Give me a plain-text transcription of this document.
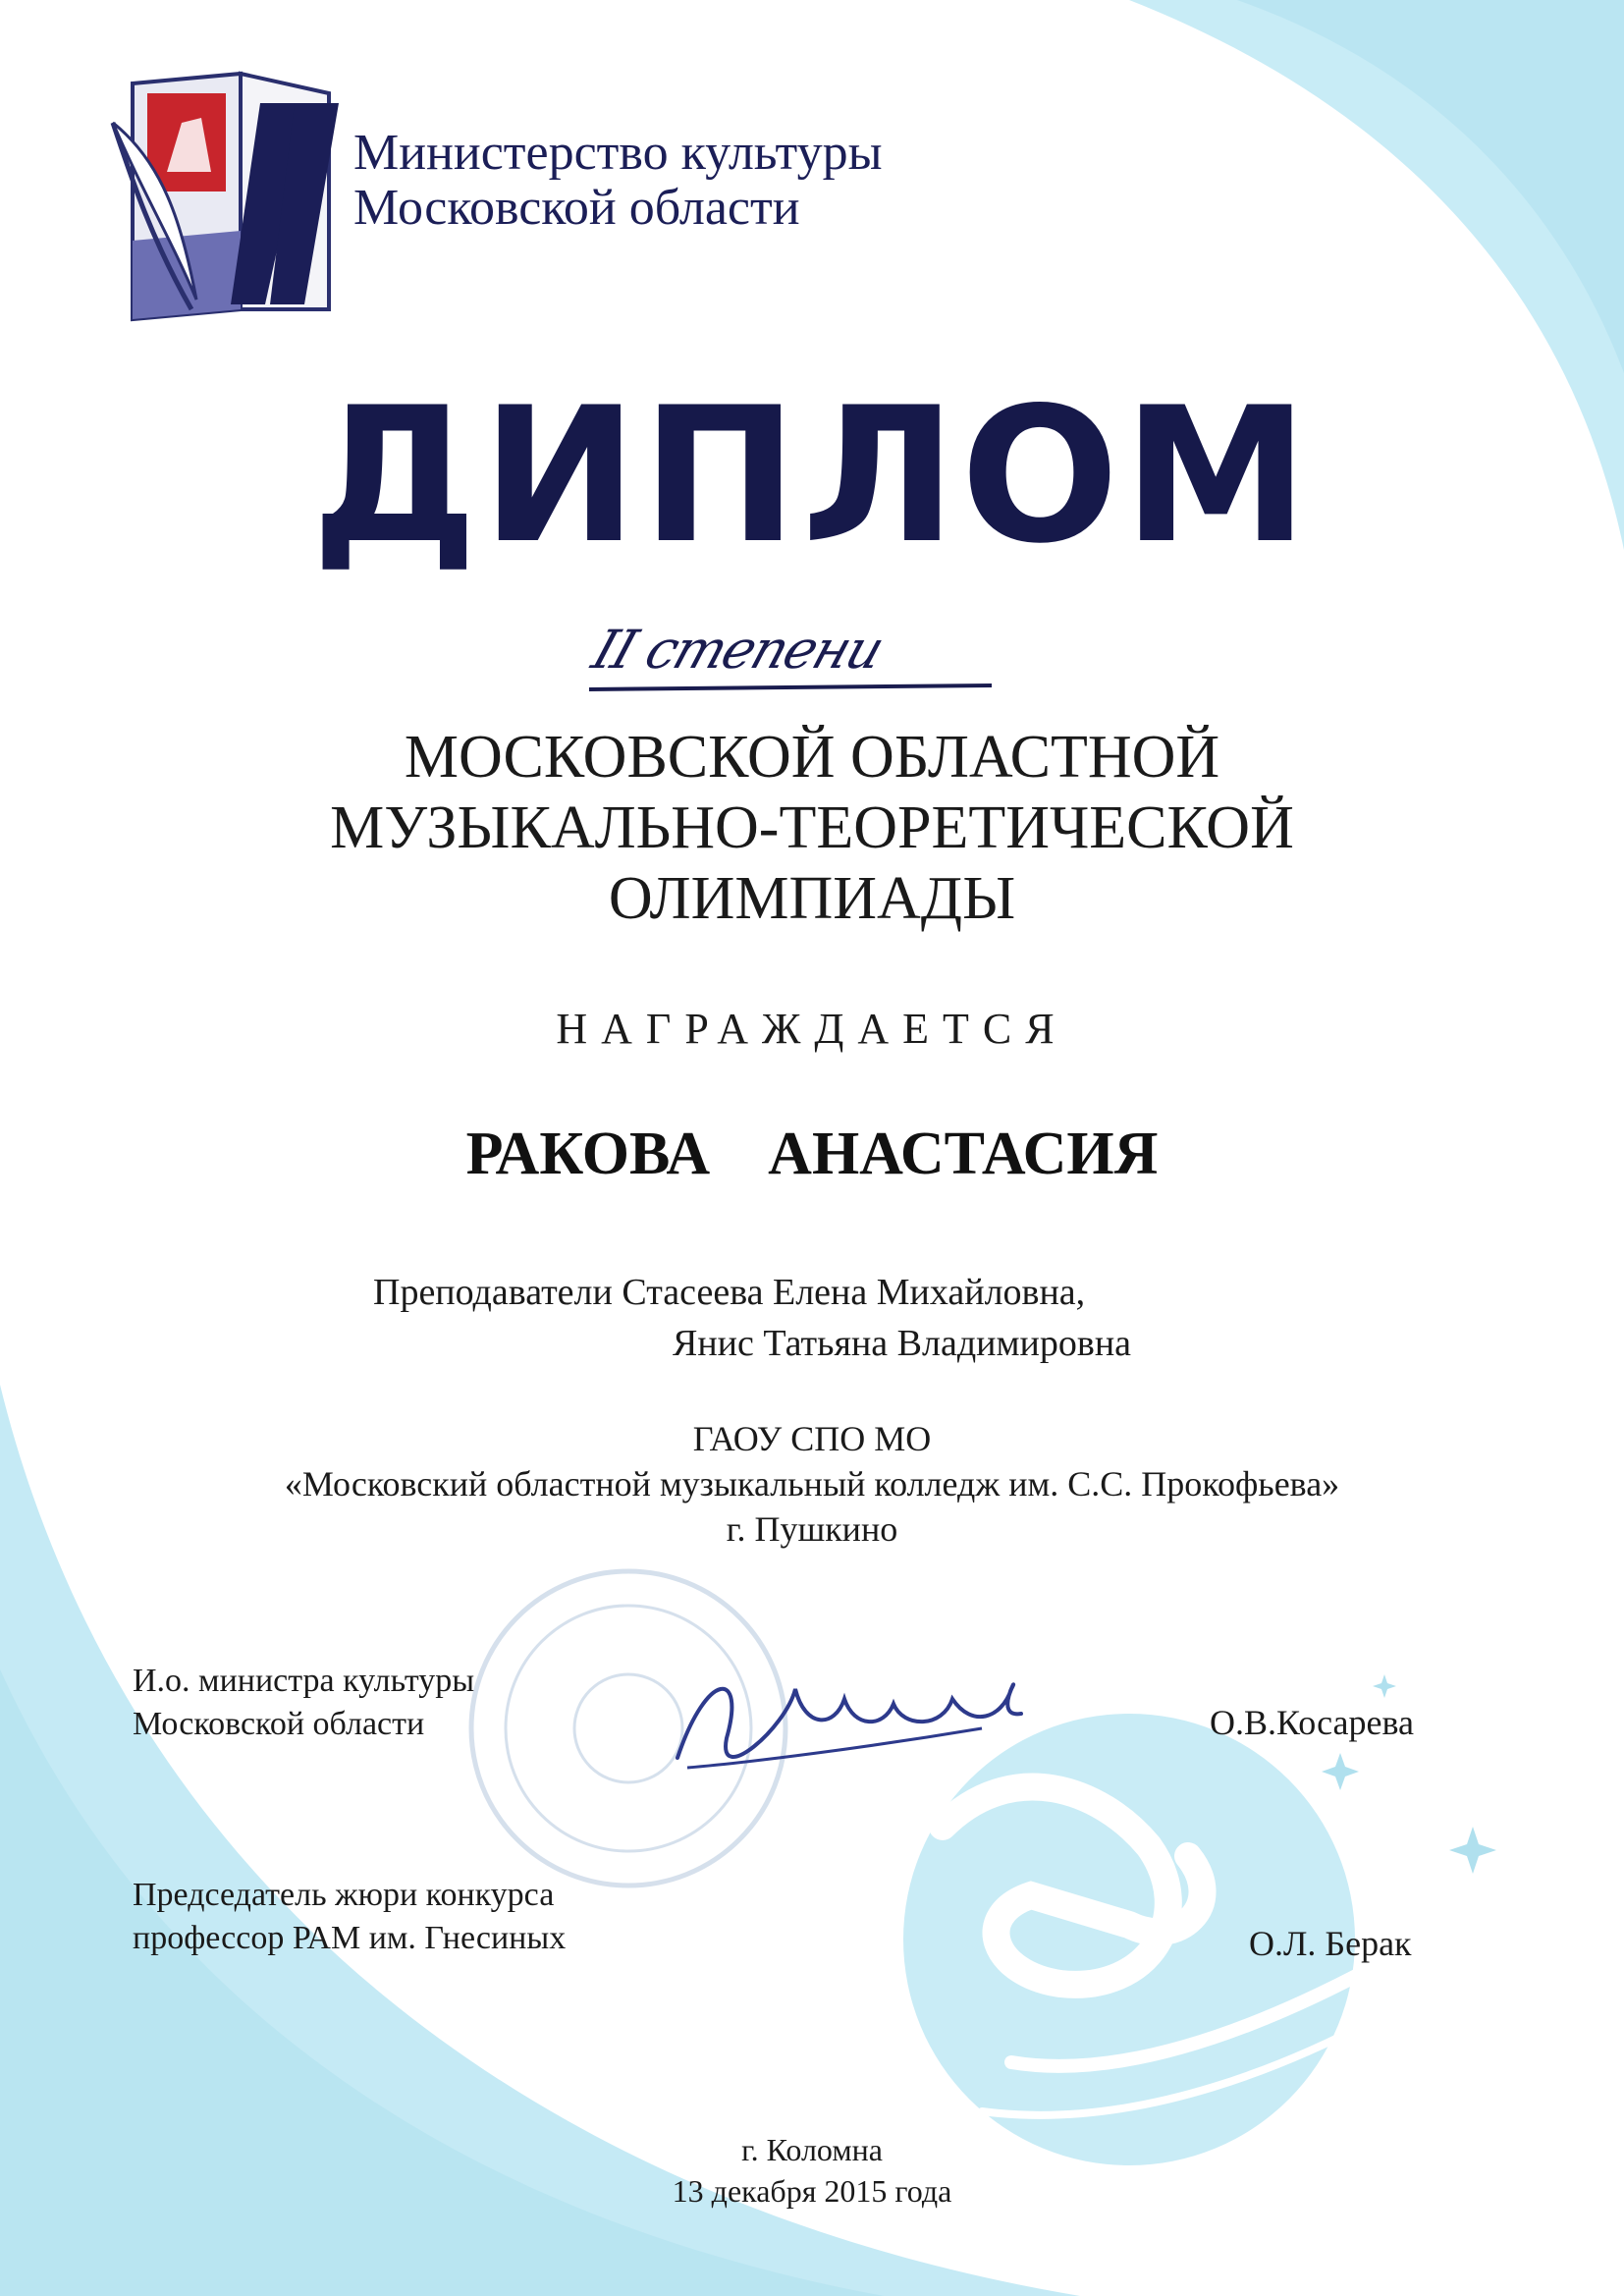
Министерство культуры
Московской области
ДИПЛОМ
II степени
МОСКОВСКОЙ ОБЛАСТНОЙ
МУЗЫКАЛЬНО-ТЕОРЕТИЧЕСКОЙ
ОЛИМПИАДЫ
НАГРАЖДАЕТСЯ
РАКОВА  АНАСТАСИЯ
Преподаватели Стасеева Елена Михайловна,
Янис Татьяна Владимировна
ГАОУ СПО МО
«Московский областной музыкальный колледж им. С.С. Прокофьева»
г. Пушкино
И.о. министра культуры
Московской области	О.В.Косарева
Председатель жюри конкурса
профессор РАМ им. Гнесиных	О.Л. Берак
г. Коломна
13 декабря 2015 года
